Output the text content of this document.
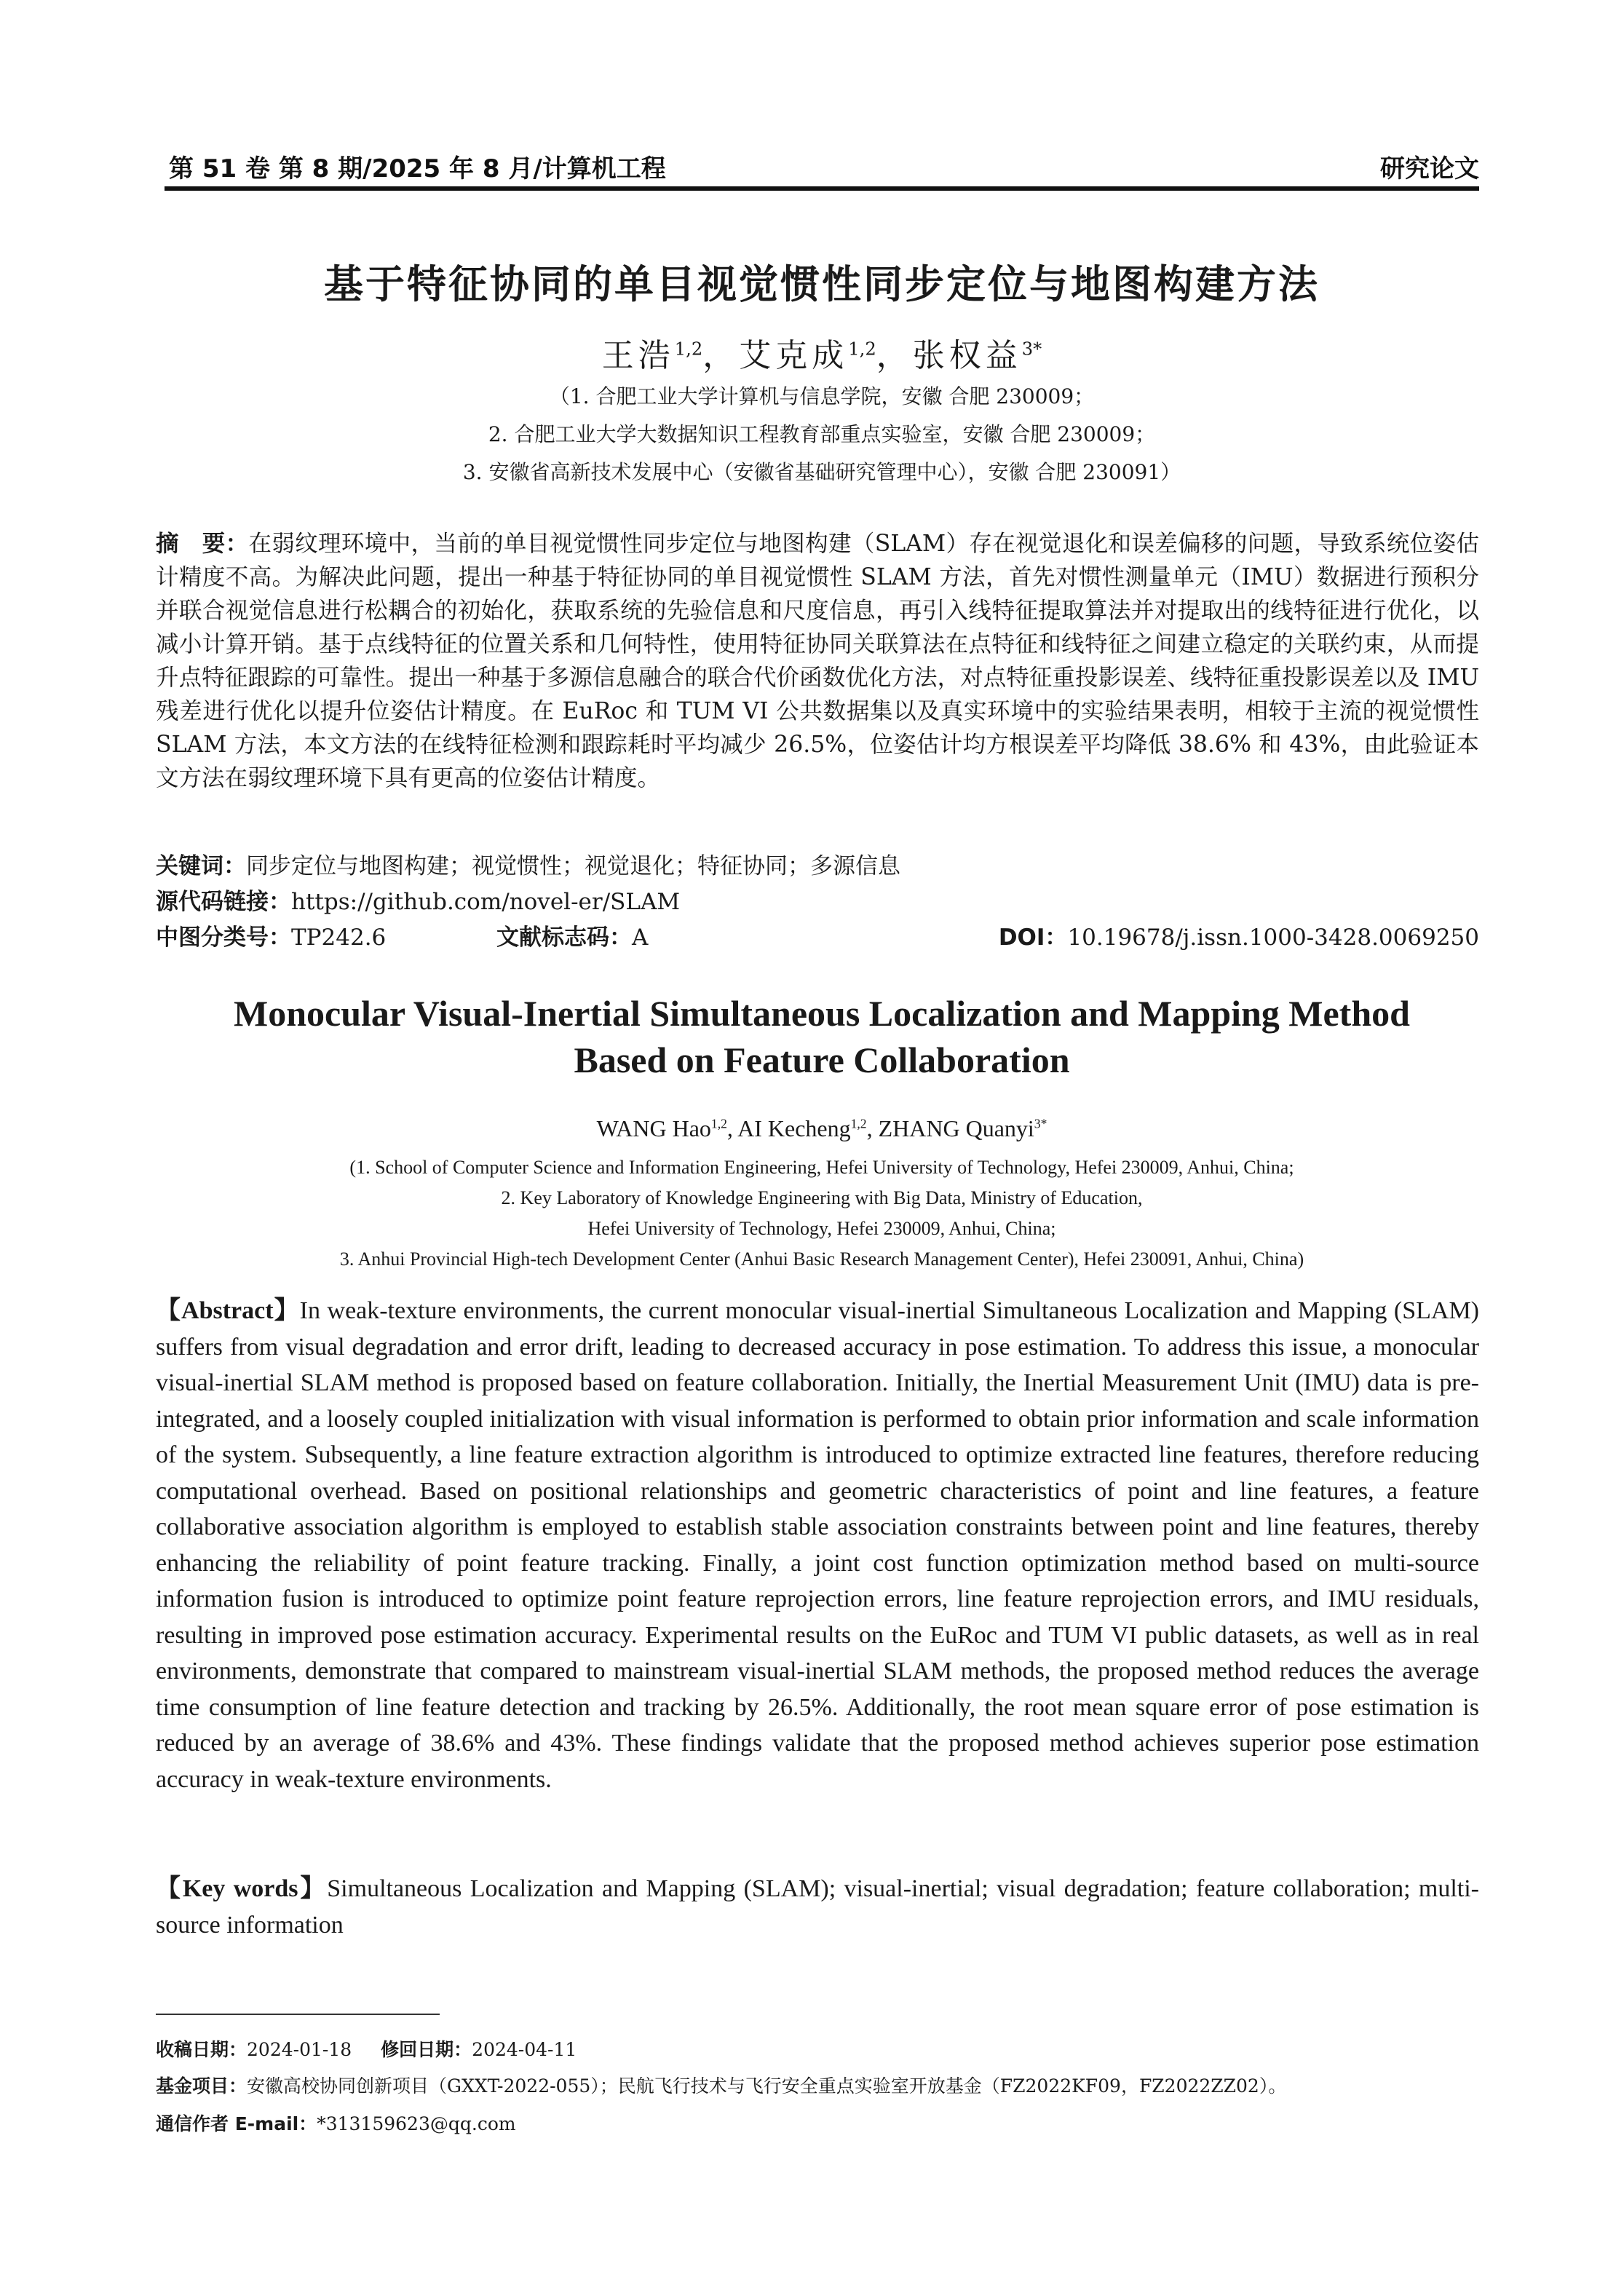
第 51 卷 第 8 期/2025 年 8 月/计算机工程	研究论文
基于特征协同的单目视觉惯性同步定位与地图构建方法
王浩$^{1,2}$，艾克成$^{1,2}$，张权益$^{3*}$
（1. 合肥工业大学计算机与信息学院，安徽 合肥 230009；
2. 合肥工业大学大数据知识工程教育部重点实验室，安徽 合肥 230009；
3. 安徽省高新技术发展中心（安徽省基础研究管理中心），安徽 合肥 230091）
摘　要：在弱纹理环境中，当前的单目视觉惯性同步定位与地图构建（SLAM）存在视觉退化和误差偏移的问题，导致系统位姿估计精度不高。为解决此问题，提出一种基于特征协同的单目视觉惯性 SLAM 方法，首先对惯性测量单元（IMU）数据进行预积分并联合视觉信息进行松耦合的初始化，获取系统的先验信息和尺度信息，再引入线特征提取算法并对提取出的线特征进行优化，以减小计算开销。基于点线特征的位置关系和几何特性，使用特征协同关联算法在点特征和线特征之间建立稳定的关联约束，从而提升点特征跟踪的可靠性。提出一种基于多源信息融合的联合代价函数优化方法，对点特征重投影误差、线特征重投影误差以及 IMU 残差进行优化以提升位姿估计精度。在 EuRoc 和 TUM VI 公共数据集以及真实环境中的实验结果表明，相较于主流的视觉惯性 SLAM 方法，本文方法的在线特征检测和跟踪耗时平均减少 26.5%，位姿估计均方根误差平均降低 38.6% 和 43%，由此验证本文方法在弱纹理环境下具有更高的位姿估计精度。
关键词：同步定位与地图构建；视觉惯性；视觉退化；特征协同；多源信息
源代码链接：https://github.com/novel-er/SLAM
中图分类号：TP242.6	文献标志码：A	DOI：10.19678/j.issn.1000-3428.0069250
Monocular Visual-Inertial Simultaneous Localization and Mapping Method
Based on Feature Collaboration
WANG Hao$^{1,2}$, AI Kecheng$^{1,2}$, ZHANG Quanyi$^{3*}$
(1. School of Computer Science and Information Engineering, Hefei University of Technology, Hefei 230009, Anhui, China;
2. Key Laboratory of Knowledge Engineering with Big Data, Ministry of Education,
Hefei University of Technology, Hefei 230009, Anhui, China;
3. Anhui Provincial High-tech Development Center (Anhui Basic Research Management Center), Hefei 230091, Anhui, China)
【Abstract】In weak-texture environments, the current monocular visual-inertial Simultaneous Localization and Mapping (SLAM) suffers from visual degradation and error drift, leading to decreased accuracy in pose estimation. To address this issue, a monocular visual-inertial SLAM method is proposed based on feature collaboration. Initially, the Inertial Measurement Unit (IMU) data is pre-integrated, and a loosely coupled initialization with visual information is performed to obtain prior information and scale information of the system. Subsequently, a line feature extraction algorithm is introduced to optimize extracted line features, therefore reducing computational overhead. Based on positional relationships and geometric characteristics of point and line features, a feature collaborative association algorithm is employed to establish stable association constraints between point and line features, thereby enhancing the reliability of point feature tracking. Finally, a joint cost function optimization method based on multi-source information fusion is introduced to optimize point feature reprojection errors, line feature reprojection errors, and IMU residuals, resulting in improved pose estimation accuracy. Experimental results on the EuRoc and TUM VI public datasets, as well as in real environments, demonstrate that compared to mainstream visual-inertial SLAM methods, the proposed method reduces the average time consumption of line feature detection and tracking by 26.5%. Additionally, the root mean square error of pose estimation is reduced by an average of 38.6% and 43%. These findings validate that the proposed method achieves superior pose estimation accuracy in weak-texture environments.
【Key words】Simultaneous Localization and Mapping (SLAM); visual-inertial; visual degradation; feature collaboration; multi-source information
收稿日期：2024-01-18 修回日期：2024-04-11
基金项目：安徽高校协同创新项目（GXXT-2022-055）；民航飞行技术与飞行安全重点实验室开放基金（FZ2022KF09，FZ2022ZZ02）。
通信作者 E-mail：*313159623@qq.com
